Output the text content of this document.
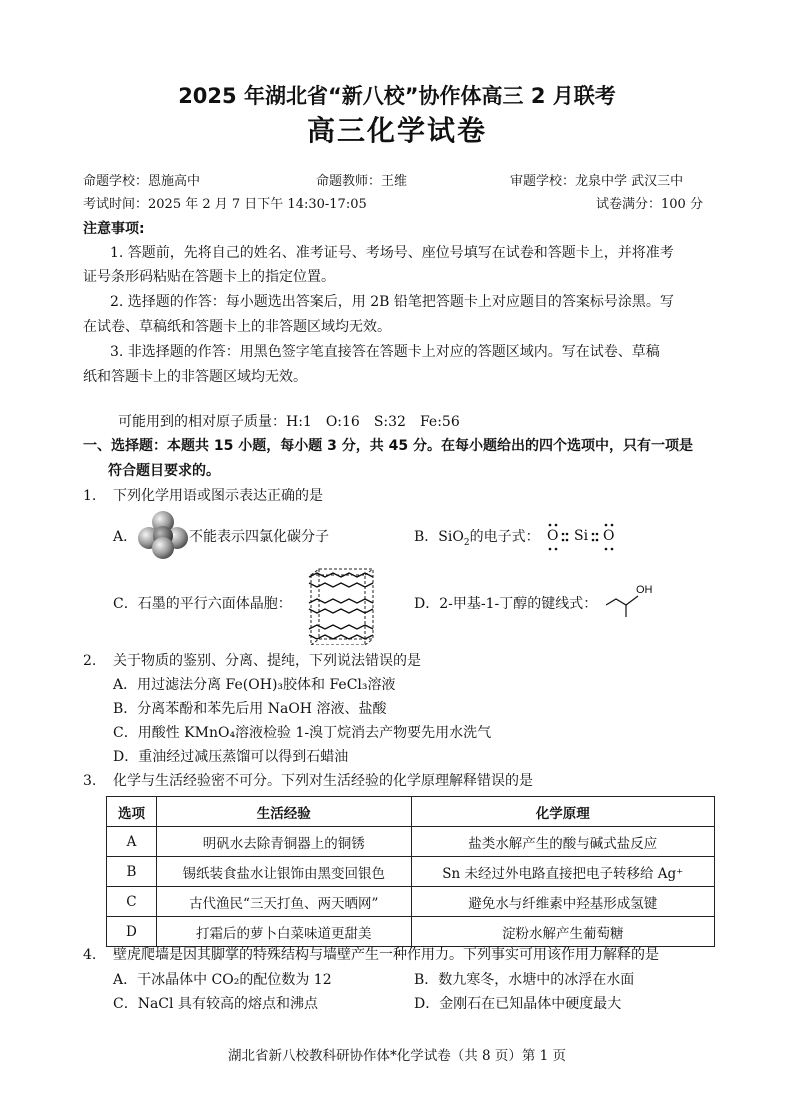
2025 年湖北省“新八校”协作体高三 2 月联考
高三化学试卷
命题学校：恩施高中	命题教师：王维	审题学校：龙泉中学 武汉三中
考试时间：2025 年 2 月 7 日下午 14:30-17:05	试卷满分：100 分
注意事项:
1. 答题前，先将自己的姓名、准考证号、考场号、座位号填写在试卷和答题卡上，并将准考
证号条形码粘贴在答题卡上的指定位置。
2. 选择题的作答：每小题选出答案后，用 2B 铅笔把答题卡上对应题目的答案标号涂黑。写
在试卷、草稿纸和答题卡上的非答题区域均无效。
3. 非选择题的作答：用黑色签字笔直接答在答题卡上对应的答题区域内。写在试卷、草稿
纸和答题卡上的非答题区域均无效。
可能用到的相对原子质量：H:1　O:16　S:32　Fe:56
一、选择题：本题共 15 小题，每小题 3 分，共 45 分。在每小题给出的四个选项中，只有一项是
符合题目要求的。
1. 下列化学用语或图示表达正确的是
A．	不能表示四氯化碳分子	B．SiO$_2$的电子式： O Si O
C．石墨的平行六面体晶胞：	D．2-甲基-1-丁醇的键线式：
OH
2. 关于物质的鉴别、分离、提纯，下列说法错误的是
A．用过滤法分离 Fe(OH)₃胶体和 FeCl₃溶液
B．分离苯酚和苯先后用 NaOH 溶液、盐酸
C．用酸性 KMnO₄溶液检验 1-溴丁烷消去产物要先用水洗气
D．重油经过减压蒸馏可以得到石蜡油
3. 化学与生活经验密不可分。下列对生活经验的化学原理解释错误的是
选项	生活经验	化学原理
A	明矾水去除青铜器上的铜锈	盐类水解产生的酸与碱式盐反应
B	锡纸装食盐水让银饰由黑变回银色	Sn 未经过外电路直接把电子转移给 Ag⁺
C	古代渔民“三天打鱼、两天晒网”	避免水与纤维素中羟基形成氢键
D	打霜后的萝卜白菜味道更甜美	淀粉水解产生葡萄糖
4. 壁虎爬墙是因其脚掌的特殊结构与墙壁产生一种作用力。下列事实可用该作用力解释的是
A．干冰晶体中 CO₂的配位数为 12	B．数九寒冬，水塘中的冰浮在水面
C．NaCl 具有较高的熔点和沸点	D．金刚石在已知晶体中硬度最大
湖北省新八校教科研协作体*化学试卷（共 8 页）第 1 页
